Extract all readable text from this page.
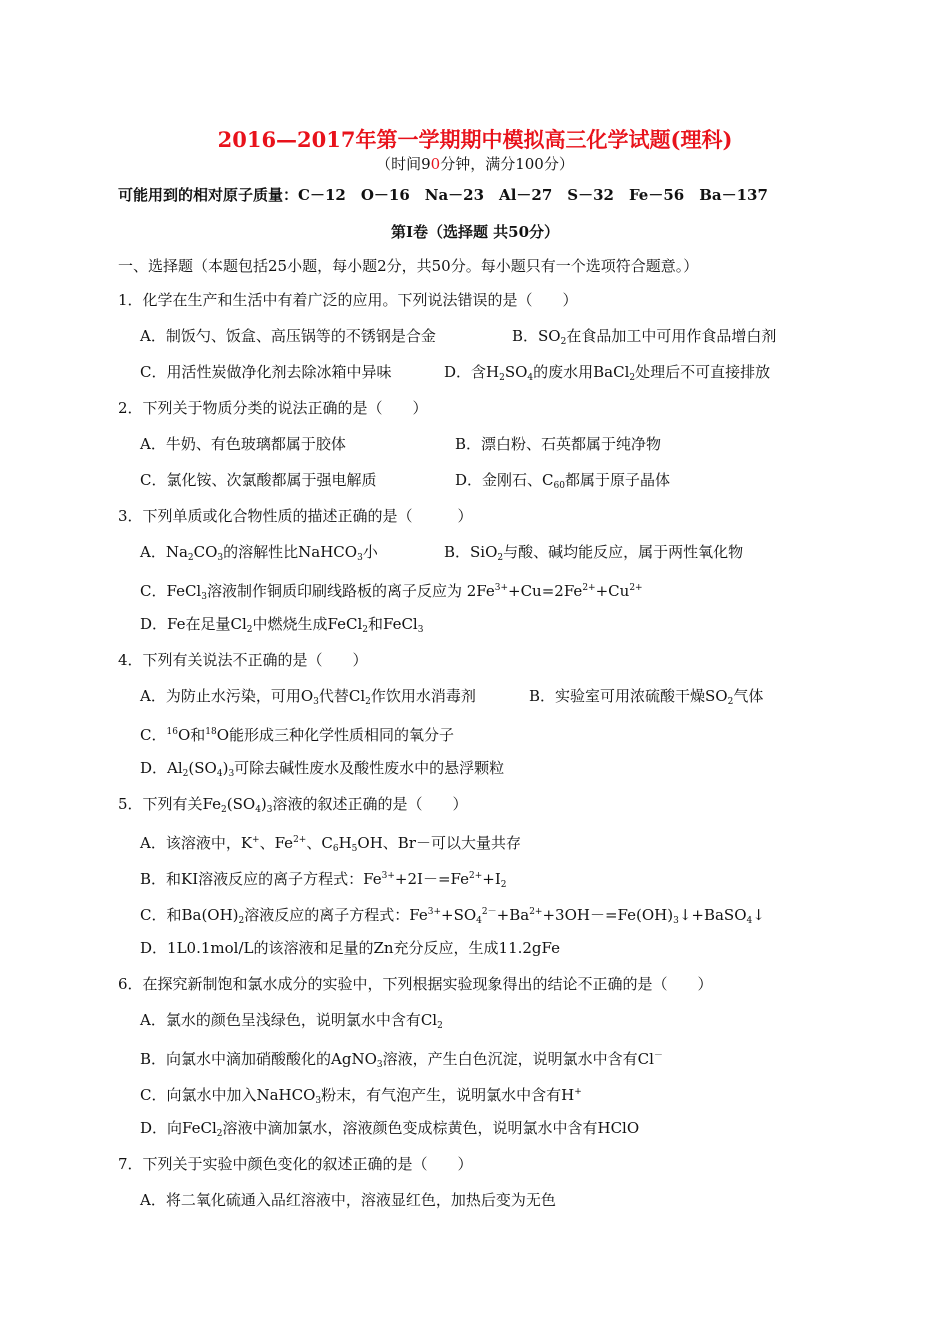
2016—2017年第一学期期中模拟高三化学试题(理科)
（时间90分钟，满分100分）
可能用到的相对原子质量：C－12　O－16　Na－23　Al－27　S－32　Fe－56　Ba－137
第Ⅰ卷（选择题 共50分）
一、选择题（本题包括25小题，每小题2分，共50分。每小题只有一个选项符合题意。）
1．化学在生产和生活中有着广泛的应用。下列说法错误的是（　　）
A．制饭勺、饭盒、高压锅等的不锈钢是合金	B．$SO_2$在食品加工中可用作食品增白剂
C．用活性炭做净化剂去除冰箱中异味	D．含$H_2SO_4$的废水用BaCl$_2$处理后不可直接排放
2．下列关于物质分类的说法正确的是（　　）
A．牛奶、有色玻璃都属于胶体	B．漂白粉、石英都属于纯净物
C．氯化铵、次氯酸都属于强电解质	D．金刚石、$C_{60}$都属于原子晶体
3．下列单质或化合物性质的描述正确的是（　　　）
A．$Na_2CO_3$的溶解性比NaHCO$_3$小	B．SiO$_2$与酸、碱均能反应，属于两性氧化物
C．FeCl$_3$溶液制作铜质印刷线路板的离子反应为 $2Fe^{3+}+Cu=2Fe^{2+}+Cu^{2+}$
D．Fe在足量$Cl_2$中燃烧生成FeCl$_2$和FeCl$_3$
4．下列有关说法不正确的是（　　）
A．为防止水污染，可用$O_3$代替$Cl_2$作饮用水消毒剂	B．实验室可用浓硫酸干燥$SO_2$气体
C．$^{16}$O和$^{18}$O能形成三种化学性质相同的氧分子
D．$Al_2(SO_4)_3$可除去碱性废水及酸性废水中的悬浮颗粒
5．下列有关$Fe_2(SO_4)_3$溶液的叙述正确的是（　　）
A．该溶液中，K+、$Fe^{2+}$、$C_6H_5OH$、Br－可以大量共存
B．和KI溶液反应的离子方程式：$Fe^{3+}+2I-=Fe^{2+}+I_2$
C．和$Ba(OH)_2$溶液反应的离子方程式：$Fe^{3+}+SO_4^{2-}+Ba^{2+}+3OH-=Fe(OH)_3↓+BaSO_4↓$
D．1L0.1mol/L的该溶液和足量的Zn充分反应，生成11.2gFe
6．在探究新制饱和氯水成分的实验中，下列根据实验现象得出的结论不正确的是（　　）
A．氯水的颜色呈浅绿色，说明氯水中含有$Cl_2$
B．向氯水中滴加硝酸酸化的AgNO$_3$溶液，产生白色沉淀，说明氯水中含有Cl－
C．向氯水中加入NaHCO$_3$粉末，有气泡产生，说明氯水中含有H+
D．向FeCl$_2$溶液中滴加氯水，溶液颜色变成棕黄色，说明氯水中含有HClO
7．下列关于实验中颜色变化的叙述正确的是（　　）
A．将二氧化硫通入品红溶液中，溶液显红色，加热后变为无色
